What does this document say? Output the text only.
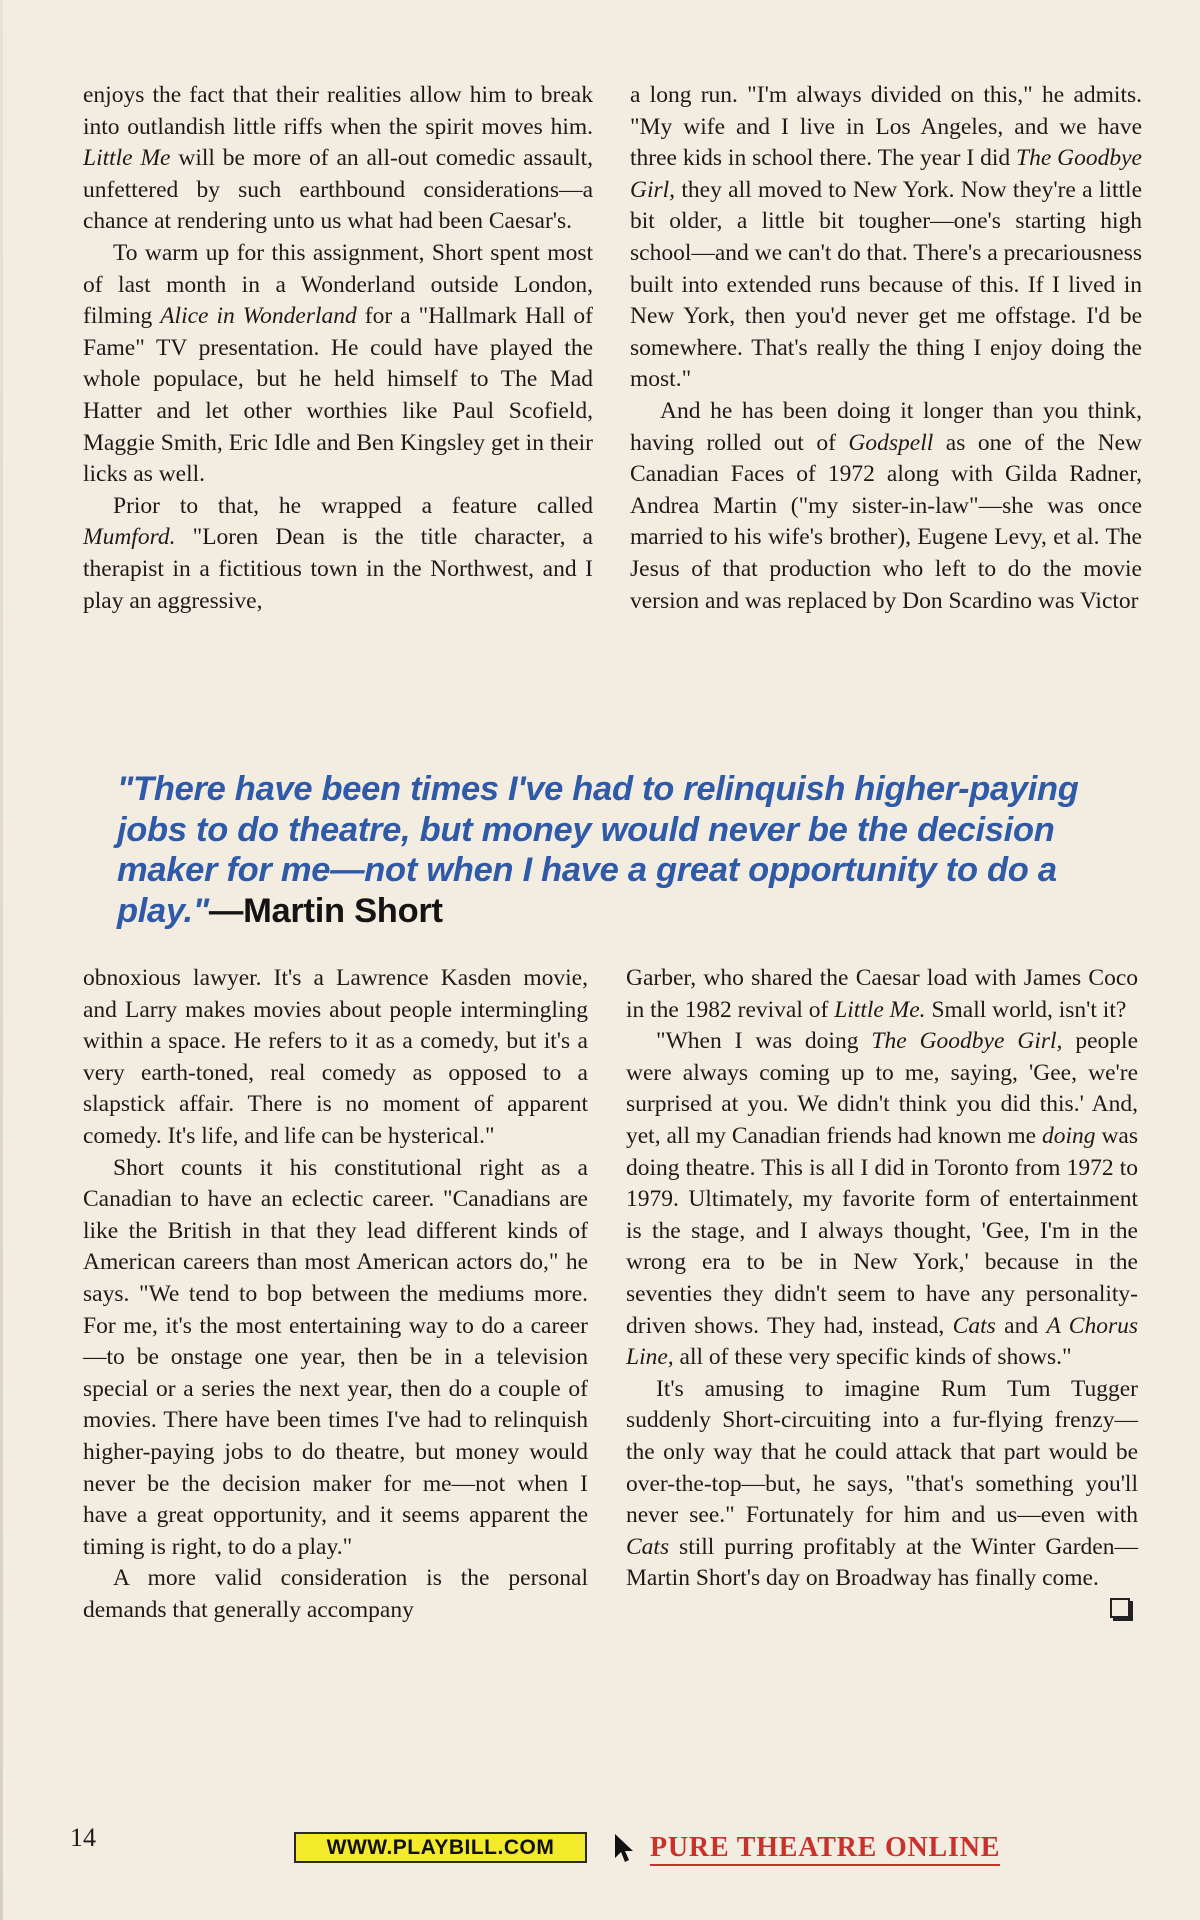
enjoys the fact that their realities allow him to break into outlandish little riffs when the spirit moves him. Little Me will be more of an all-out comedic assault, unfettered by such earthbound considerations—a chance at rendering unto us what had been Caesar's.

To warm up for this assignment, Short spent most of last month in a Wonderland outside London, filming Alice in Wonderland for a "Hallmark Hall of Fame" TV presentation. He could have played the whole populace, but he held himself to The Mad Hatter and let other worthies like Paul Scofield, Maggie Smith, Eric Idle and Ben Kingsley get in their licks as well.

Prior to that, he wrapped a feature called Mumford. "Loren Dean is the title character, a therapist in a fictitious town in the Northwest, and I play an aggressive,

a long run. "I'm always divided on this," he admits. "My wife and I live in Los Angeles, and we have three kids in school there. The year I did The Goodbye Girl, they all moved to New York. Now they're a little bit older, a little bit tougher—one's starting high school—and we can't do that. There's a precariousness built into extended runs because of this. If I lived in New York, then you'd never get me offstage. I'd be somewhere. That's really the thing I enjoy doing the most."

And he has been doing it longer than you think, having rolled out of Godspell as one of the New Canadian Faces of 1972 along with Gilda Radner, Andrea Martin ("my sister-in-law"—she was once married to his wife's brother), Eugene Levy, et al. The Jesus of that production who left to do the movie version and was replaced by Don Scardino was Victor

"There have been times I've had to relinquish higher-paying jobs to do theatre, but money would never be the decision maker for me—not when I have a great opportunity to do a play."—Martin Short

obnoxious lawyer. It's a Lawrence Kasden movie, and Larry makes movies about people intermingling within a space. He refers to it as a comedy, but it's a very earth-toned, real comedy as opposed to a slapstick affair. There is no moment of apparent comedy. It's life, and life can be hysterical."

Short counts it his constitutional right as a Canadian to have an eclectic career. "Canadians are like the British in that they lead different kinds of American careers than most American actors do," he says. "We tend to bop between the mediums more. For me, it's the most entertaining way to do a career—to be onstage one year, then be in a television special or a series the next year, then do a couple of movies. There have been times I've had to relinquish higher-paying jobs to do theatre, but money would never be the decision maker for me—not when I have a great opportunity, and it seems apparent the timing is right, to do a play."

A more valid consideration is the personal demands that generally accompany

Garber, who shared the Caesar load with James Coco in the 1982 revival of Little Me. Small world, isn't it?

"When I was doing The Goodbye Girl, people were always coming up to me, saying, 'Gee, we're surprised at you. We didn't think you did this.' And, yet, all my Canadian friends had known me doing was doing theatre. This is all I did in Toronto from 1972 to 1979. Ultimately, my favorite form of entertainment is the stage, and I always thought, 'Gee, I'm in the wrong era to be in New York,' because in the seventies they didn't seem to have any personality-driven shows. They had, instead, Cats and A Chorus Line, all of these very specific kinds of shows."

It's amusing to imagine Rum Tum Tugger suddenly Short-circuiting into a fur-flying frenzy—the only way that he could attack that part would be over-the-top—but, he says, "that's something you'll never see." Fortunately for him and us—even with Cats still purring profitably at the Winter Garden—Martin Short's day on Broadway has finally come.

14	WWW.PLAYBILL.COM	PURE THEATRE ONLINE
